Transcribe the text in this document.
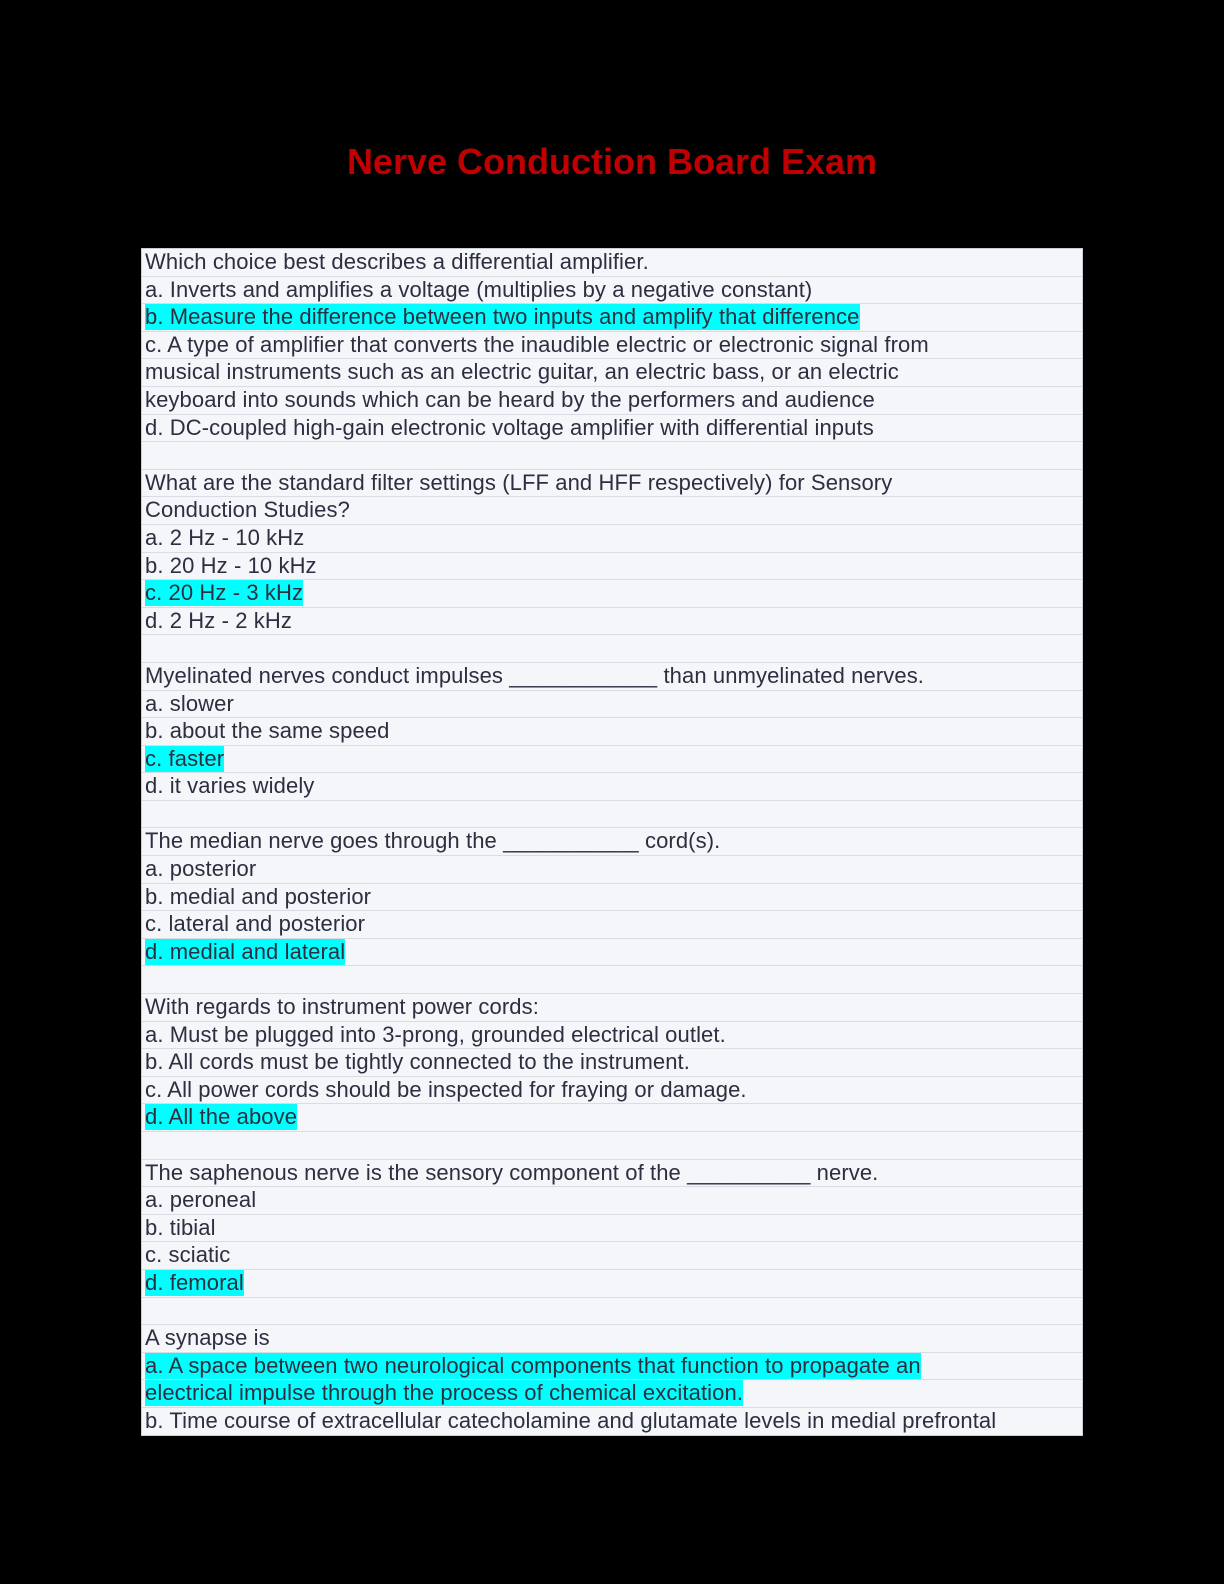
Nerve Conduction Board Exam
Which choice best describes a differential amplifier.
a. Inverts and amplifies a voltage (multiplies by a negative constant)
b. Measure the difference between two inputs and amplify that difference
c. A type of amplifier that converts the inaudible electric or electronic signal from
musical instruments such as an electric guitar, an electric bass, or an electric
keyboard into sounds which can be heard by the performers and audience
d. DC-coupled high-gain electronic voltage amplifier with differential inputs
What are the standard filter settings (LFF and HFF respectively) for Sensory
Conduction Studies?
a. 2 Hz - 10 kHz
b. 20 Hz - 10 kHz
c. 20 Hz - 3 kHz
d. 2 Hz - 2 kHz
Myelinated nerves conduct impulses ____________ than unmyelinated nerves.
a. slower
b. about the same speed
c. faster
d. it varies widely
The median nerve goes through the ___________ cord(s).
a. posterior
b. medial and posterior
c. lateral and posterior
d. medial and lateral
With regards to instrument power cords:
a. Must be plugged into 3-prong, grounded electrical outlet.
b. All cords must be tightly connected to the instrument.
c. All power cords should be inspected for fraying or damage.
d. All the above
The saphenous nerve is the sensory component of the __________ nerve.
a. peroneal
b. tibial
c. sciatic
d. femoral
A synapse is
a. A space between two neurological components that function to propagate an
electrical impulse through the process of chemical excitation.
b. Time course of extracellular catecholamine and glutamate levels in medial prefrontal
